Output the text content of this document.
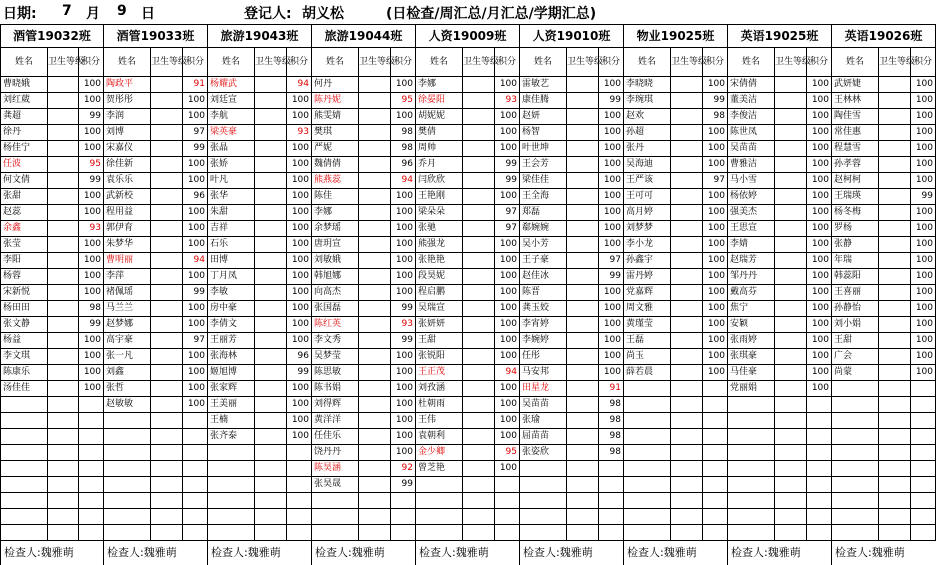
日期: 7 月 9 日	登记人: 胡义松	(日检查/周汇总/月汇总/学期汇总)
酒管19032班			酒管19033班			旅游19043班			旅游19044班			人资19009班			人资19010班			物业19025班			英语19025班			英语19026班		
姓名	卫生等级	积分	姓名	卫生等级	积分	姓名	卫生等级	积分	姓名	卫生等级	积分	姓名	卫生等级	积分	姓名	卫生等级	积分	姓名	卫生等级	积分	姓名	卫生等级	积分	姓名	卫生等级	积分
曹晓娥		100	陶政平		91	杨耀武		94	何丹		100	李娜		100	雷敏艺		100	李晓晓		100	宋倩倩		100	武妍婕		100
刘红葳		100	贺彤彤		100	刘廷宣		100	陈丹妮		95	徐晏阳		93	康佳腾		99	李琬琪		99	董美洁		100	王林林		100
龚超		99	李润		100	李航		100	熊雯婧		100	胡妮妮		100	赵妍		100	赵欢		98	李俊洁		100	陶佳雪		100
徐丹		100	刘博		97	梁英豪		93	樊琪		98	樊倩		100	杨智		100	孙超		100	陈世凤		100	常佳惠		100
杨佳宁		100	宋嘉仪		99	张晶		100	严妮		98	周帅		100	叶世坤		100	张丹		100	吴苗苗		100	程慧雪		100
任波		95	徐佳新		100	张娇		100	魏倩倩		96	乔月		99	王会芳		100	吴海迪		100	曹雅洁		100	孙孝蓉		100
何文倩		99	袁乐乐		100	叶凡		100	熊燕蕊		94	闫欣欣		99	梁佳佳		100	王严该		97	马小雪		100	赵柯柯		100
张甜		100	武新校		96	张华		100	陈佳		100	王艳刚		100	王全海		100	王可可		100	杨依婷		100	王瑞瑛		99
赵蕊		100	程用益		100	朱甜		100	李娜		100	梁朵朵		97	郑磊		100	高月婷		100	强美杰		100	杨冬梅		100
余鑫		93	郭伊育		100	吉祥		100	余梦瑶		100	张驰		97	郗婉婉		100	刘梦梦		100	王思宣		100	罗杨		100
张莹		100	朱梦华		100	石乐		100	唐玥宣		100	熊强龙		100	吴小芳		100	李小龙		100	李婧		100	张静		100
李阳		100	曹明丽		94	田博		100	刘敏娥		100	张艳艳		100	王子豪		97	孙鑫宇		100	赵瑞芳		100	年瑞		100
杨蓉		100	李萍		100	丁月凤		100	韩旭娜		100	段昊妮		100	赵佳冰		99	雷丹婷		100	邹丹丹		100	韩蕊阳		100
宋新悦		100	褚佩瑶		99	李敏		100	向高杰		100	程启鹏		100	陈晋		100	党嘉辉		100	戴高芬		100	王喜丽		100
杨田田		98	马兰兰		100	房中豪		100	张国磊		99	吴瑞宣		100	龚玉姣		100	周文雅		100	焦宁		100	孙静怡		100
张文静		99	赵梦娜		100	李倩文		100	陈红英		93	张妍妍		100	李宵婷		100	黄瑾莹		100	安颖		100	刘小娟		100
杨益		100	高宇豪		97	王丽芳		100	李文秀		99	王甜		100	李婉婷		100	王磊		100	张雨婷		100	王甜		100
李文琪		100	张一凡		100	张海林		96	吴梦莹		100	张锐阳		100	任彤		100	尚玉		100	张琪豪		100	广会		100
陈康乐		100	刘鑫		100	姬旭博		99	陈思敏		100	王正茂		94	马安邦		100	薛若晨		100	马佳豪		100	尚蒙		100
汤佳佳		100	张哲		100	张家辉		100	陈书娟		100	刘孜涵		100	田星龙		91				党丽娟		100			
			赵敏敏		100	王美丽		100	刘得辉		100	杜朝雨		100	吴苗苗		98									
						王楠		100	黄洋洋		100	王伟		100	张瑜		98									
						张齐泰		100	任佳乐		100	袁朝利		100	屈苗苗		98									
									饶丹丹		100	金少卿		95	张姿欣		98									
									陈昊涵		92	曾芝艳		100												
									张昊晟		99															

检查人:魏雅萌			检查人:魏雅萌			检查人:魏雅萌			检查人:魏雅萌			检查人:魏雅萌			检查人:魏雅萌			检查人:魏雅萌			检查人:魏雅萌			检查人:魏雅萌		
